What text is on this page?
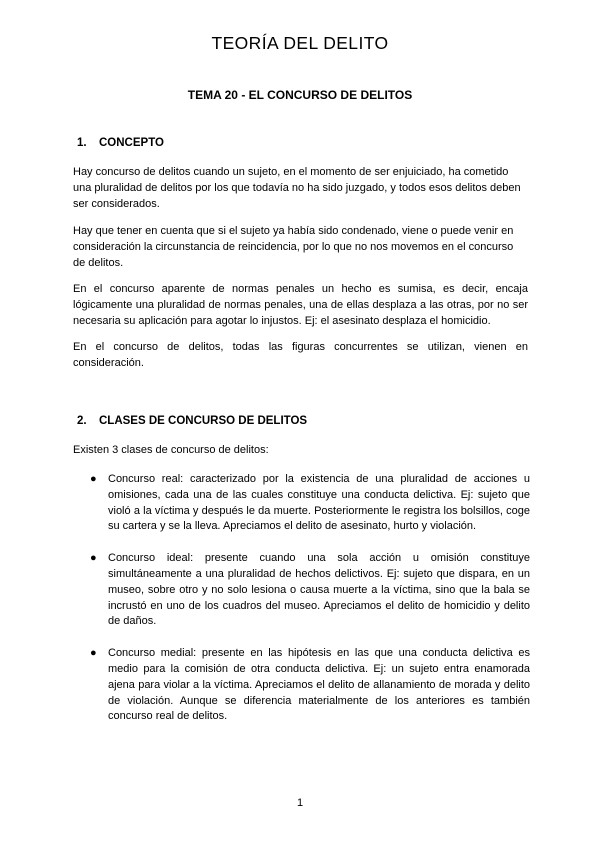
TEORÍA DEL DELITO
TEMA 20 - EL CONCURSO DE DELITOS
1. CONCEPTO

Hay concurso de delitos cuando un sujeto, en el momento de ser enjuiciado, ha cometido una pluralidad de delitos por los que todavía no ha sido juzgado, y todos esos delitos deben ser considerados.

Hay que tener en cuenta que si el sujeto ya había sido condenado, viene o puede venir en consideración la circunstancia de reincidencia, por lo que no nos movemos en el concurso de delitos.

En el concurso aparente de normas penales un hecho es sumisa, es decir, encaja lógicamente una pluralidad de normas penales, una de ellas desplaza a las otras, por no ser necesaria su aplicación para agotar lo injustos. Ej: el asesinato desplaza el homicidio.

En el concurso de delitos, todas las figuras concurrentes se utilizan, vienen en consideración.

2. CLASES DE CONCURSO DE DELITOS

Existen 3 clases de concurso de delitos:

● Concurso real: caracterizado por la existencia de una pluralidad de acciones u omisiones, cada una de las cuales constituye una conducta delictiva. Ej: sujeto que violó a la víctima y después le da muerte. Posteriormente le registra los bolsillos, coge su cartera y se la lleva. Apreciamos el delito de asesinato, hurto y violación.
● Concurso ideal: presente cuando una sola acción u omisión constituye simultáneamente a una pluralidad de hechos delictivos. Ej: sujeto que dispara, en un museo, sobre otro y no solo lesiona o causa muerte a la víctima, sino que la bala se incrustó en uno de los cuadros del museo. Apreciamos el delito de homicidio y delito de daños.
● Concurso medial: presente en las hipótesis en las que una conducta delictiva es medio para la comisión de otra conducta delictiva. Ej: un sujeto entra enamorada ajena para violar a la víctima. Apreciamos el delito de allanamiento de morada y delito de violación. Aunque se diferencia materialmente de los anteriores es también concurso real de delitos.
1
